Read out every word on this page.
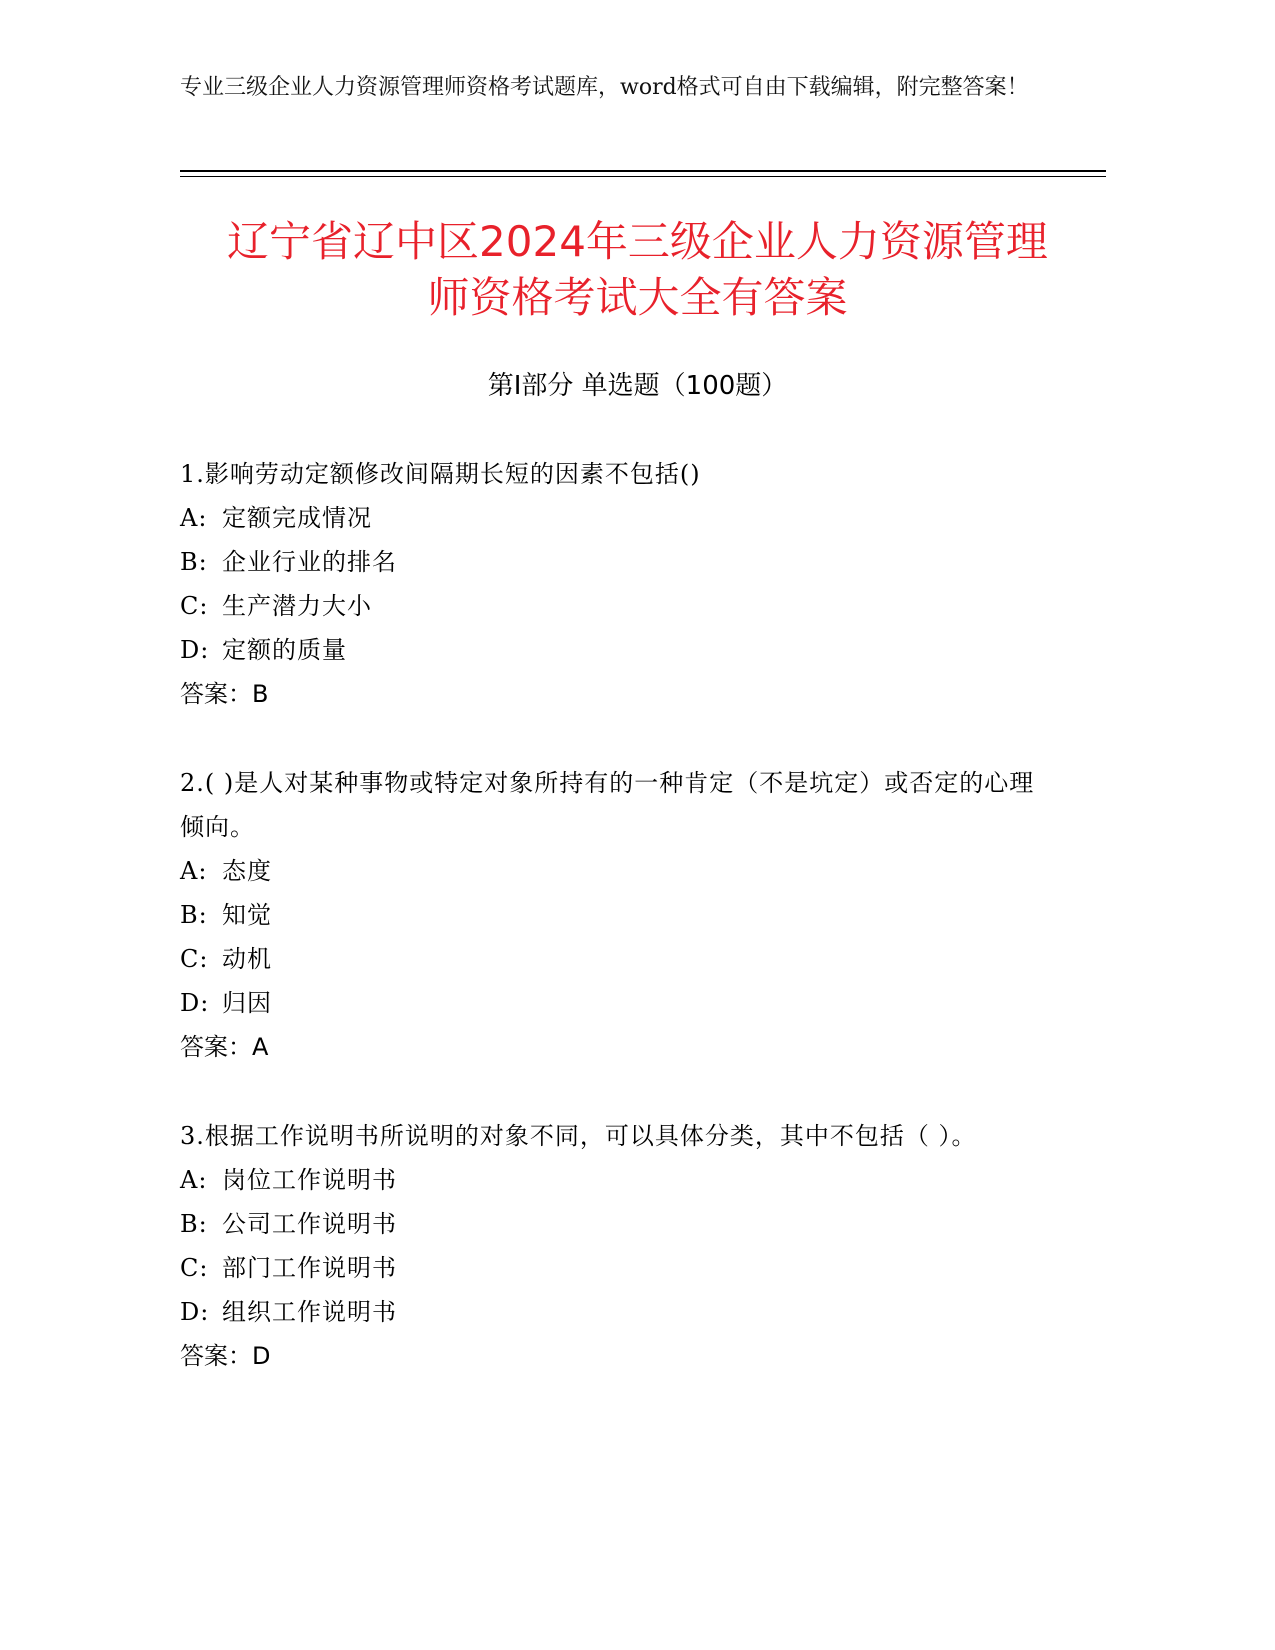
专业三级企业人力资源管理师资格考试题库，word格式可自由下载编辑，附完整答案！
辽宁省辽中区2024年三级企业人力资源管理
师资格考试大全有答案
第I部分 单选题（100题）
1.影响劳动定额修改间隔期长短的因素不包括()
A: 定额完成情况
B: 企业行业的排名
C: 生产潜力大小
D: 定额的质量
答案：B
2.( )是人对某种事物或特定对象所持有的一种肯定（不是坑定）或否定的心理倾向。
A: 态度
B: 知觉
C: 动机
D: 归因
答案：A
3.根据工作说明书所说明的对象不同，可以具体分类，其中不包括（ ）。
A: 岗位工作说明书
B: 公司工作说明书
C: 部门工作说明书
D: 组织工作说明书
答案：D
